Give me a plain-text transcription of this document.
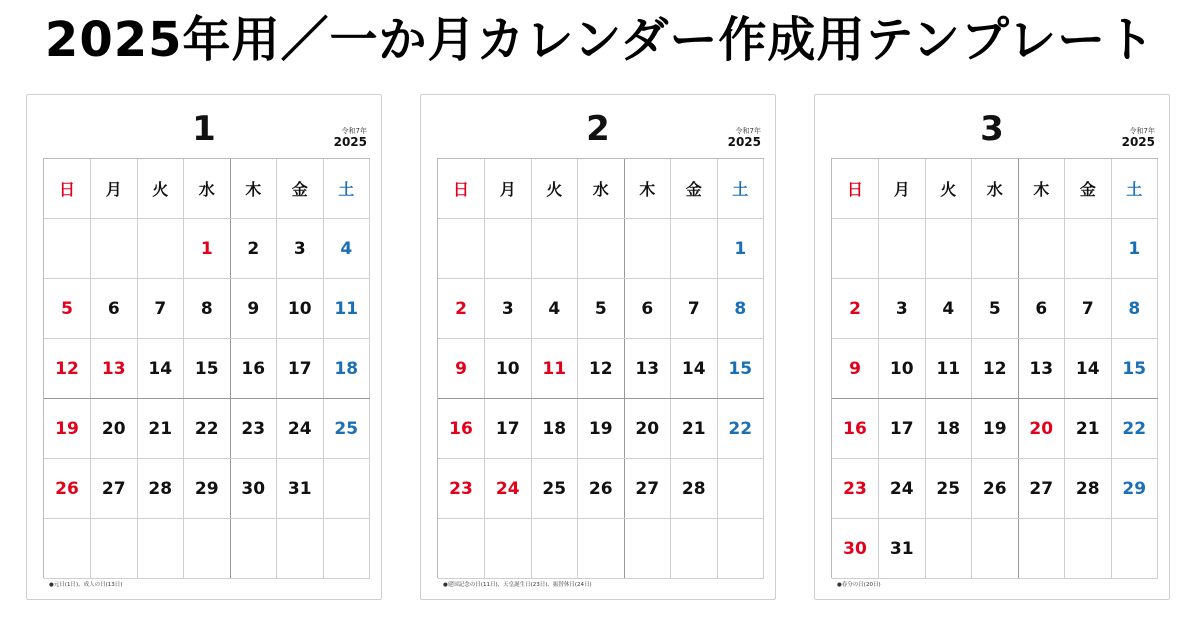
2025年用／一か月カレンダー作成用テンプレート
1	令和7年
2025
日	月	火	水	木	金	土
			1	2	3	4
5	6	7	8	9	10	11
12	13	14	15	16	17	18
19	20	21	22	23	24	25
26	27	28	29	30	31	

●元日(1日)、成人の日(13日)
2	令和7年
2025
日	月	火	水	木	金	土
						1
2	3	4	5	6	7	8
9	10	11	12	13	14	15
16	17	18	19	20	21	22
23	24	25	26	27	28	

●建国記念の日(11日)、天皇誕生日(23日)、振替休日(24日)
3	令和7年
2025
日	月	火	水	木	金	土
						1
2	3	4	5	6	7	8
9	10	11	12	13	14	15
16	17	18	19	20	21	22
23	24	25	26	27	28	29
30	31					
●春分の日(20日)
